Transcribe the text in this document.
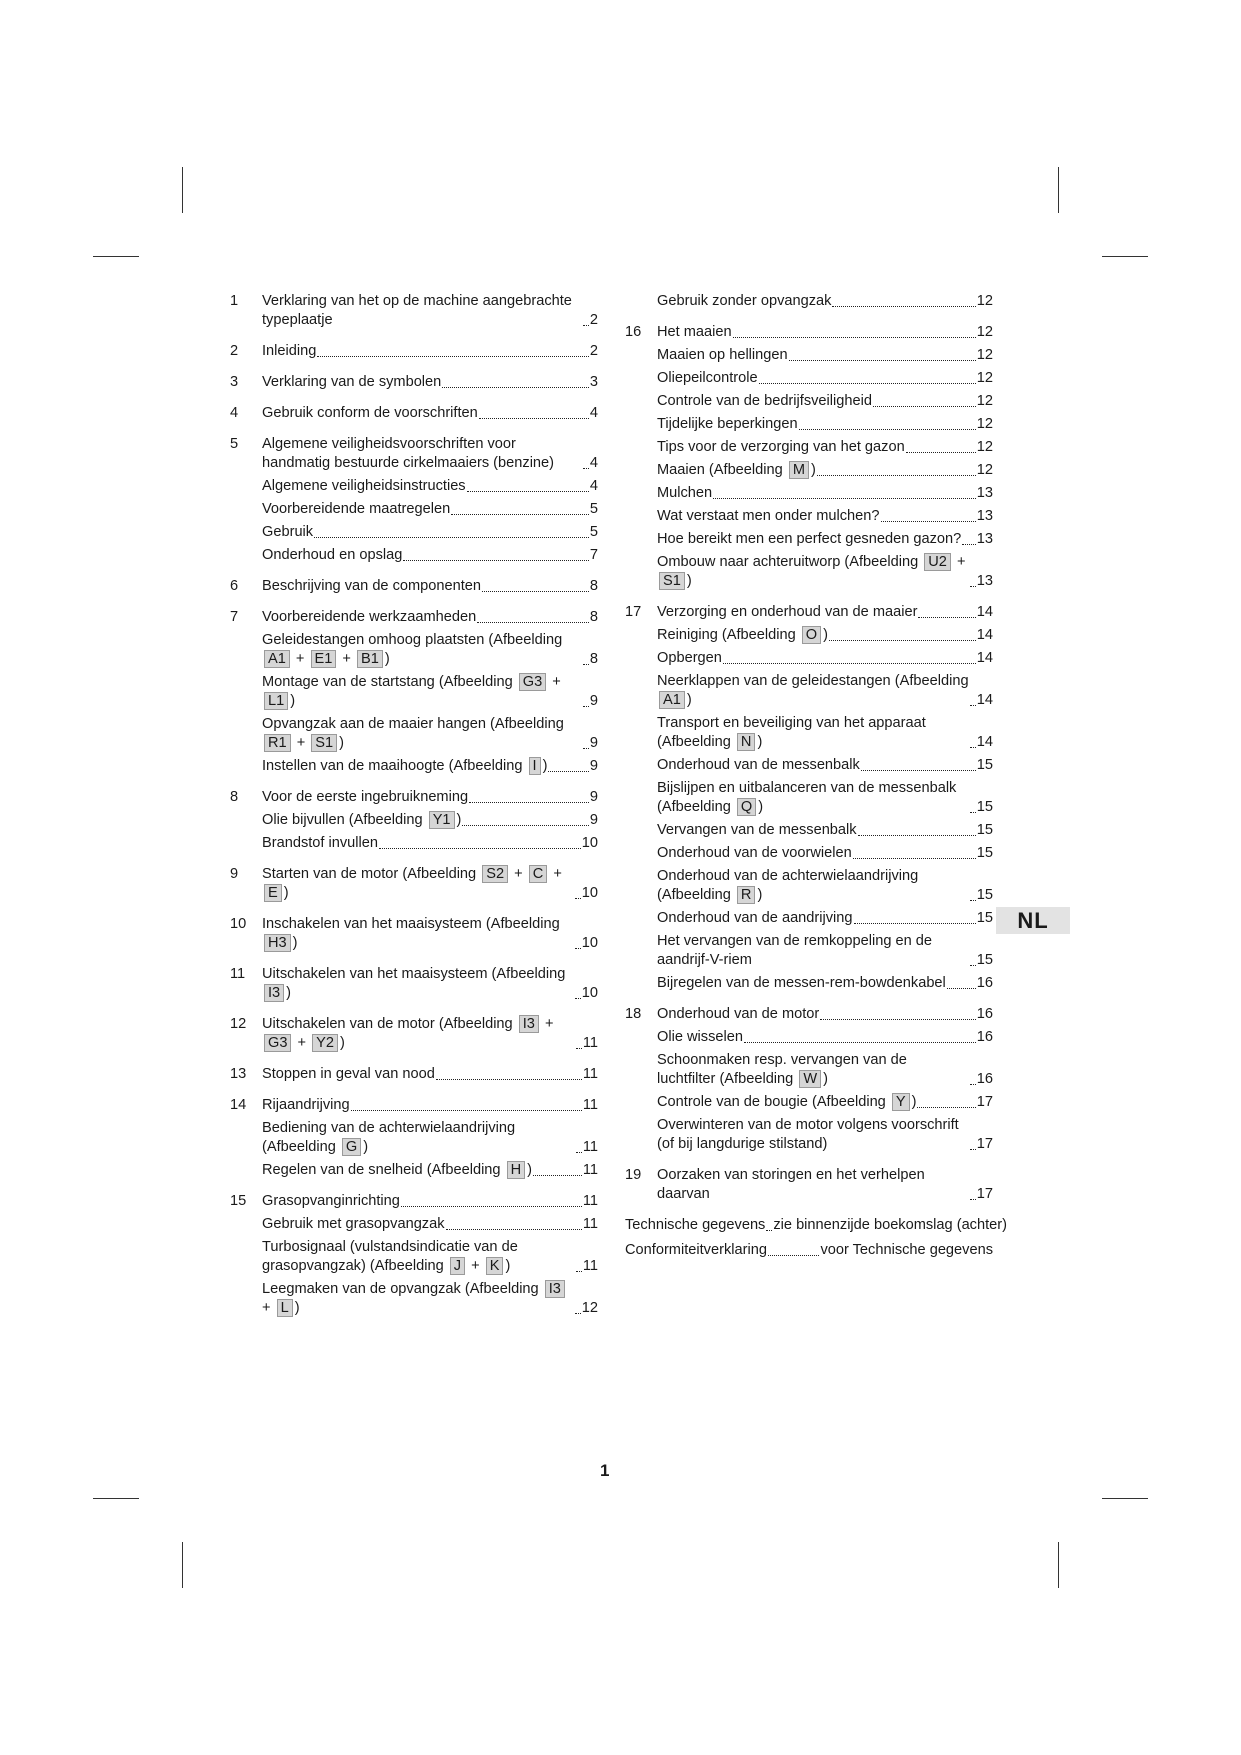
1 Verklaring van het op de machine aangebrachte typeplaatje	2
2 Inleiding	2
3 Verklaring van de symbolen	3
4 Gebruik conform de voorschriften	4
5 Algemene veiligheidsvoorschriften voor handmatig bestuurde cirkelmaaiers (benzine)	4
Algemene veiligheidsinstructies	4
Voorbereidende maatregelen	5
Gebruik	5
Onderhoud en opslag	7
6 Beschrijving van de componenten	8
7 Voorbereidende werkzaamheden	8
Geleidestangen omhoog plaatsten (Afbeelding A1 + E1 + B1 )	8
Montage van de startstang (Afbeelding G3 + L1 )	9
Opvangzak aan de maaier hangen (Afbeelding R1 + S1 )	9
Instellen van de maaihoogte (Afbeelding I )	9
8 Voor de eerste ingebruikneming	9
Olie bijvullen (Afbeelding Y1 )	9
Brandstof invullen	10
9 Starten van de motor (Afbeelding S2 + C + E )	10
10 Inschakelen van het maaisysteem (Afbeelding H3 )	10
11 Uitschakelen van het maaisysteem (Afbeelding I3 )	10
12 Uitschakelen van de motor (Afbeelding I3 + G3 + Y2 )	11
13 Stoppen in geval van nood	11
14 Rijaandrijving	11
Bediening van de achterwielaandrijving (Afbeelding G )	11
Regelen van de snelheid (Afbeelding H )	11
15 Grasopvanginrichting	11
Gebruik met grasopvangzak	11
Turbosignaal (vulstandsindicatie van de grasopvangzak) (Afbeelding J + K )	11
Leegmaken van de opvangzak (Afbeelding I3 + L )	12
Gebruik zonder opvangzak	12
16 Het maaien	12
Maaien op hellingen	12
Oliepeilcontrole	12
Controle van de bedrijfsveiligheid	12
Tijdelijke beperkingen	12
Tips voor de verzorging van het gazon	12
Maaien (Afbeelding M )	12
Mulchen	13
Wat verstaat men onder mulchen?	13
Hoe bereikt men een perfect gesneden gazon? 13
Ombouw naar achteruitworp (Afbeelding U2 + S1 )	13
17 Verzorging en onderhoud van de maaier	14
Reiniging (Afbeelding O )	14
Opbergen	14
Neerklappen van de geleidestangen (Afbeelding A1 )	14
Transport en beveiliging van het apparaat (Afbeelding N )	14
Onderhoud van de messenbalk	15
Bijslijpen en uitbalanceren van de messenbalk (Afbeelding Q )	15
Vervangen van de messenbalk	15
Onderhoud van de voorwielen	15
Onderhoud van de achterwielaandrijving (Afbeelding R )	15
Onderhoud van de aandrijving	15
Het vervangen van de remkoppeling en de aandrijf-V-riem	15
Bijregelen van de messen-rem-bowdenkabel 16
18 Onderhoud van de motor	16
Olie wisselen	16
Schoonmaken resp. vervangen van de luchtfilter (Afbeelding W )	16
Controle van de bougie (Afbeelding Y )	17
Overwinteren van de motor volgens voorschrift (of bij langdurige stilstand)	17
19 Oorzaken van storingen en het verhelpen daarvan	17
Technische gegevens zie binnenzijde boekomslag (achter)
Conformiteitverklaring	voor Technische gegevens
1
NL
